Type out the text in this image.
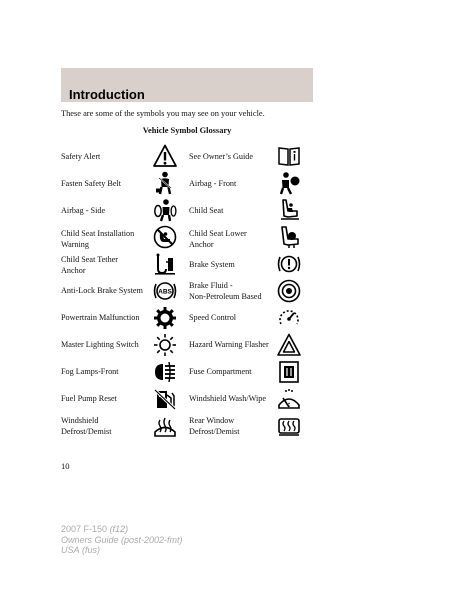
Introduction
These are some of the symbols you may see on your vehicle.
Vehicle Symbol Glossary
Safety Alert
Fasten Safety Belt
Airbag - Side
Child Seat Installation
Warning
Child Seat Tether
Anchor
Anti-Lock Brake System
Powertrain Malfunction
Master Lighting Switch
Fog Lamps-Front
Fuel Pump Reset
Windshield
Defrost/Demist
See Owner’s Guide
Airbag - Front
Child Seat
Child Seat Lower
Anchor
Brake System
Brake Fluid -
Non-Petroleum Based
Speed Control
Hazard Warning Flasher
Fuse Compartment
Windshield Wash/Wipe
Rear Window
Defrost/Demist
ABS
10
2007 F-150 (f12)
Owners Guide (post-2002-fmt)
USA (fus)
